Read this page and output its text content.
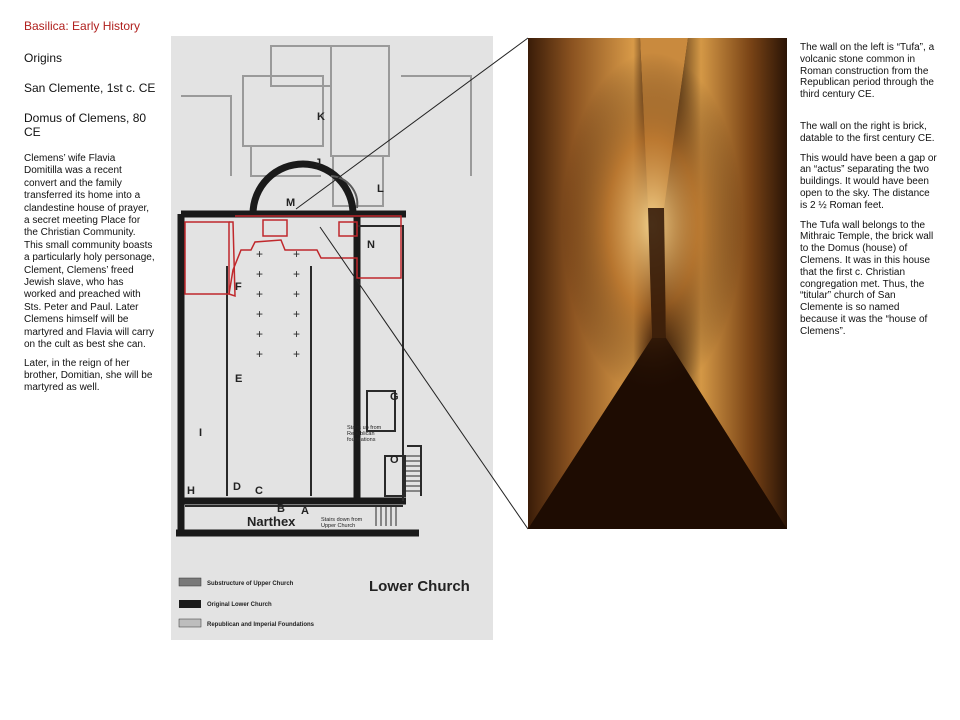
Basilica: Early History
Origins
San Clemente, 1st c. CE
Domus of Clemens, 80 CE

Clemens’ wife Flavia Domitilla was a recent convert and the family transferred its home into a clandestine house of prayer, a secret meeting Place for the Christian Community. This small community boasts a particularly holy personage, Clement, Clemens’ freed Jewish slave, who has worked and preached with Sts. Peter and Paul. Later Clemens himself will be martyred and Flavia will carry on the cult as best she can.

Later, in the reign of her brother, Domitian, she will be martyred as well.

+ +
+ +
+ +
+ +
+ +
+ +
K
J
L
M
N
F
E
G
I
O
H	D C
B A
Narthex
Stairs up from
Republican
foundations
Stairs down from
Upper Church
Substructure of Upper Church
Original Lower Church
Republican and Imperial Foundations
Lower Church

The wall on the left is “Tufa”, a volcanic stone common in Roman construction from the Republican period through the third century CE.

The wall on the right is brick, datable to the first century CE.

This would have been a gap or an “actus” separating the two buildings. It would have been open to the sky. The distance is 2 ½ Roman feet.

The Tufa wall belongs to the Mithraic Temple, the brick wall to the Domus (house) of Clemens. It was in this house that the first c. Christian congregation met. Thus, the “titular” church of San Clemente is so named because it was the “house of Clemens”.
